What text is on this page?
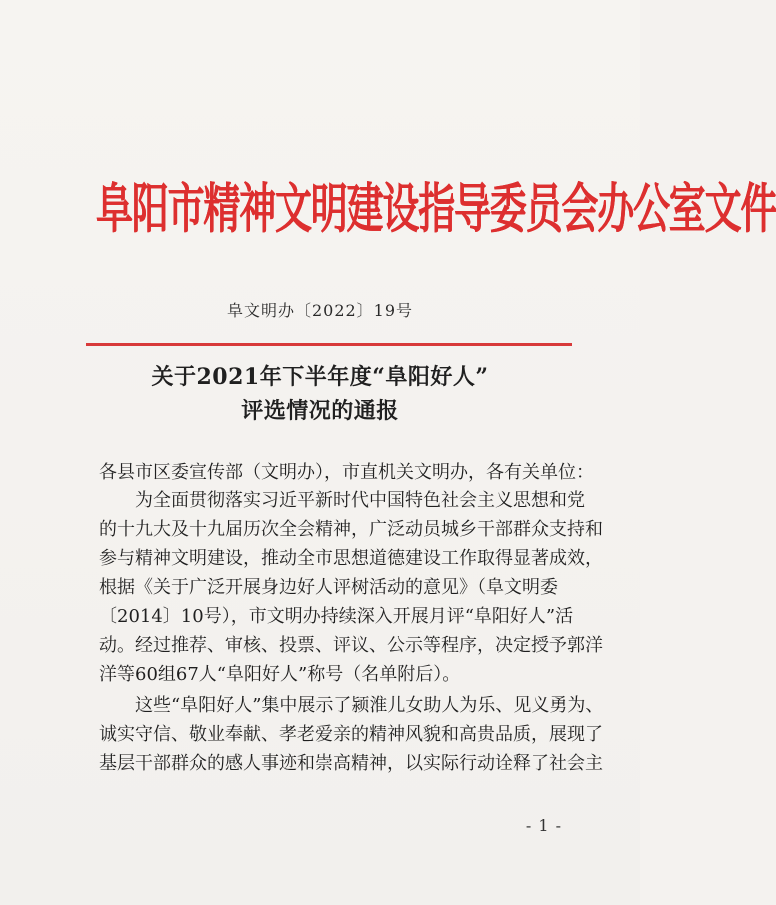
阜阳市精神文明建设指导委员会办公室文件
阜文明办〔2022〕19号
关于2021年下半年度“阜阳好人”
评选情况的通报
各县市区委宣传部（文明办），市直机关文明办，各有关单位：
为全面贯彻落实习近平新时代中国特色社会主义思想和党
的十九大及十九届历次全会精神，广泛动员城乡干部群众支持和
参与精神文明建设，推动全市思想道德建设工作取得显著成效，
根据《关于广泛开展身边好人评树活动的意见》（阜文明委
〔2014〕10号），市文明办持续深入开展月评“阜阳好人”活
动。经过推荐、审核、投票、评议、公示等程序，决定授予郭洋
洋等60组67人“阜阳好人”称号（名单附后）。
这些“阜阳好人”集中展示了颍淮儿女助人为乐、见义勇为、
诚实守信、敬业奉献、孝老爱亲的精神风貌和高贵品质，展现了
基层干部群众的感人事迹和崇高精神，以实际行动诠释了社会主
- 1 -
